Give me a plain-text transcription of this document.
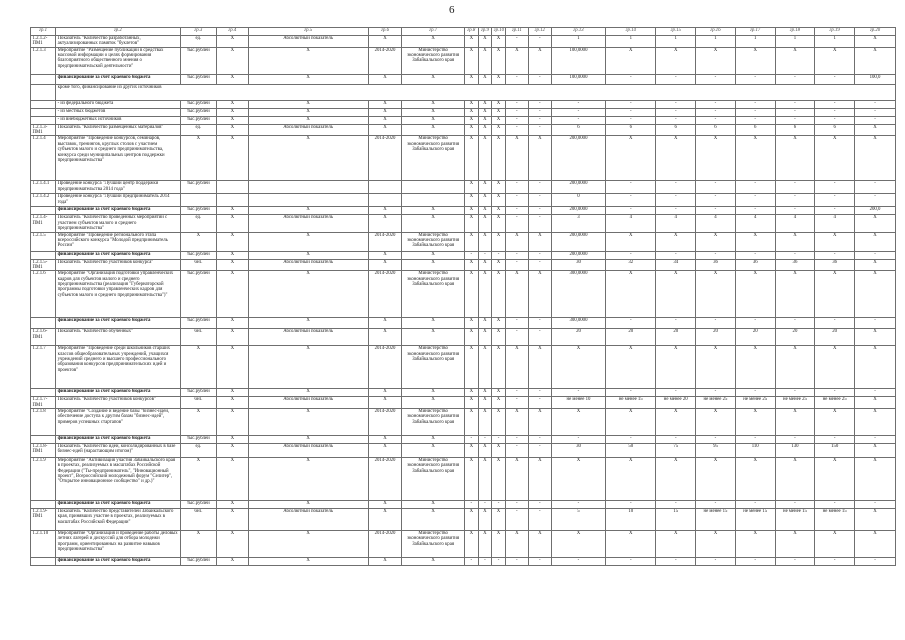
6
гр.1	гр.2	гр.3	гр.4	гр.5	гр.6	гр.7	гр.8	гр.9	гр.10	гр.11	гр.12	гр.13	гр.14	гр.15	гр.16	гр.17	гр.18	гр.19	гр.20
1.2.1.2-ПМ1	Показатель "Количество разработанных, актуализированных памяток "буклетов"	ед.	X	Абсолютный показатель	X	X	X	X	X	-	-	1	1	1	1	1	1	1	X
1.2.1.3	Мероприятие "Размещение публикаций в средствах массовой информации о целях формирования благоприятного общественного мнения о предпринимательской деятельности"	тыс.рублей	X	X	2014-2020	Министерство экономического развития Забайкальского края	X	X	X	X	X	100,0000	X	X	X	X	X	X	X
	финансирование за счет краевого бюджета	тыс.рублей	X	X	X	X	X	X	X	-	-	100,0000	-	-	-	-	-	-	100,0
	кроме того, финансирование из других источников																		
	- из федерального бюджета	тыс.рублей	X	X	X	X	X	X	X	-	-	-	-	-	-	-	-	-	-
	- из местных бюджетов	тыс.рублей	X	X	X	X	X	X	X	-	-	-	-	-	-	-	-	-	-
	- из внебюджетных источников	тыс.рублей	X	X	X	X	X	X	X	-	-	-	-	-	-	-	-	-	-
1.2.1.3-ПМ1	Показатель "Количество размещенных материалов"	ед.	X	Абсолютный показатель	X	X	X	X	X	-	-	6	6	6	6	6	6	6	X
1.2.1.4	Мероприятие "Проведение конкурсов, семинаров, выставок, тренингов, круглых столов с участием субъектов малого и среднего предпринимательства, конкурса среди муниципальных центров поддержки предпринимательства"	X	X	X	2014-2020	Министерство экономического развития Забайкальского края	X	X	X	X	X	200,0000	X	X	X	X	X	X	X
1.2.1.4.1	Проведение конкурса "Лучший центр поддержки предпринимательства 2014 года"	тыс.рублей					X	X	X	-	-	200,0000	-	-	-	-	-	-	-
1.2.1.4.2	Проведение конкурса "Лучший предприниматель 2014 года"						X	X	X	-	-	0	-	-	-	-	-	-	-
	финансирование за счет краевого бюджета	тыс.рублей	X	X	X	X	X	X	X	-	-	200,0000	-	-	-	-	-	-	200,0
1.2.1.4-ПМ1	Показатель "Количество проведенных мероприятий с участием субъектов малого и среднего предпринимательства"	ед.	X	Абсолютный показатель	X	X	X	X	X	-	-	3	4	4	4	4	4	4	X
1.2.1.5	Мероприятие "Проведение регионального этапа всероссийского конкурса "Молодой предприниматель России"	X	X	X	2014-2020	Министерство экономического развития Забайкальского края	X	X	X	X	X	200,0000	X	X	X	X	X	X	X
	финансирование за счет краевого бюджета	тыс.рублей	X	X	X	X	-	-	-	-	-	200,0000	-	-	-	-	-	-	-
1.2.1.5-ПМ1	Показатель "Количество участников конкурса"	чел.	X	Абсолютный показатель	X	X	X	X	X	-	-	30	32	34	36	36	36	36	X
1.2.1.6	Мероприятие "Организация подготовки управленческих кадров для субъектов малого и среднего предпринимательства (реализация "Губернаторской программы подготовки управленческих кадров для субъектов малого и среднего предпринимательства")"	тыс.рублей	X	X	2014-2020	Министерство экономического развития Забайкальского края	X	X	X	X	X	300,0000	X	X	X	X	X	X	X
	финансирование за счет краевого бюджета	тыс.рублей	X	X	X	X	X	X	X	-	-	300,0000	-	-	-	-	-	-	-
1.2.1.6-ПМ1	Показатель "Количество обученных"	чел.	X	Абсолютный показатель	X	X	X	X	X	-	-	20	20	20	20	20	20	20	X
1.2.1.7	Мероприятие "Проведение среди школьников старших классов общеобразовательных учреждений, учащихся учреждений среднего и высшего профессионального образования конкурсов предпринимательских идей и проектов"	X	X	X	2014-2020	Министерство экономического развития Забайкальского края	X	X	X	X	X	X	X	X	X	X	X	X	X
	финансирование за счет краевого бюджета	тыс.рублей	X	X	X	X	X	X	X	-	-	-	-	-	-	-	-	-	-
1.2.1.7-ПМ1	Показатель "Количество участников конкурсов"	чел.	X	Абсолютный показатель	X	X	X	X	X	-	-	не менее 10	не менее 15	не менее 20	не менее 25	не менее 25	не менее 25	не менее 25	X
1.2.1.8	Мероприятие "Создание и ведение базы "бизнес-идей, обеспечение доступа к другим базам "бизнес-идей", примеров успешных стартапов"	X	X	X	2014-2020	Министерство экономического развития Забайкальского края	X	X	X	X	X	X	X	X	X	X	X	X	X
	финансирование за счет краевого бюджета	тыс.рублей	X	X	X	X	-	-	-	-	-	-	-	-	-	-	-	-	-
1.2.1.8-ПМ1	Показатель "Количество идей, консолидированных в базе бизнес-идей (нарастающим итогом)"	ед.	X	Абсолютный показатель	X	X	X	X	X	-	-	30	50	75	95	110	130	150	X
1.2.1.9	Мероприятие "Активизация участия Забайкальского края в проектах, реализуемых в масштабах Российской Федерации ("Ты-предприниматель", "Инновационный проект", Всероссийский молодежный форум "Селигер", "Открытое инновационное сообщество" и др.)"	X	X	X	2014-2020	Министерство экономического развития Забайкальского края	X	X	X	X	X	X	X	X	X	X	X	X	X
	финансирование за счет краевого бюджета	тыс.рублей	X	X	X	X	-	-	-	-	-	-	-	-	-	-	-	-	-
1.2.1.9-ПМ1	Показатель "Количество представителей Забайкальского края, принявших участие в проектах, реализуемых в масштабах Российской Федерации"	чел.	X	Абсолютный показатель	X	X	X	X	X	-	-	5	10	15	не менее 15	не менее 15	не менее 15	не менее 15	X
1.2.1.10	Мероприятие "Организация и проведение работы деловых летних лагерей и дискуссий для отбора молодежи программ, ориентированных на развитие навыков предпринимательства"	X	X	X	2014-2020	Министерство экономического развития Забайкальского края	X	X	X	X	X	X	X	X	X	X	X	X	X
	финансирование за счет краевого бюджета	тыс.рублей	X	X	X	X	-	-	-	-	-	-	-	-	-	-	-	-	-
